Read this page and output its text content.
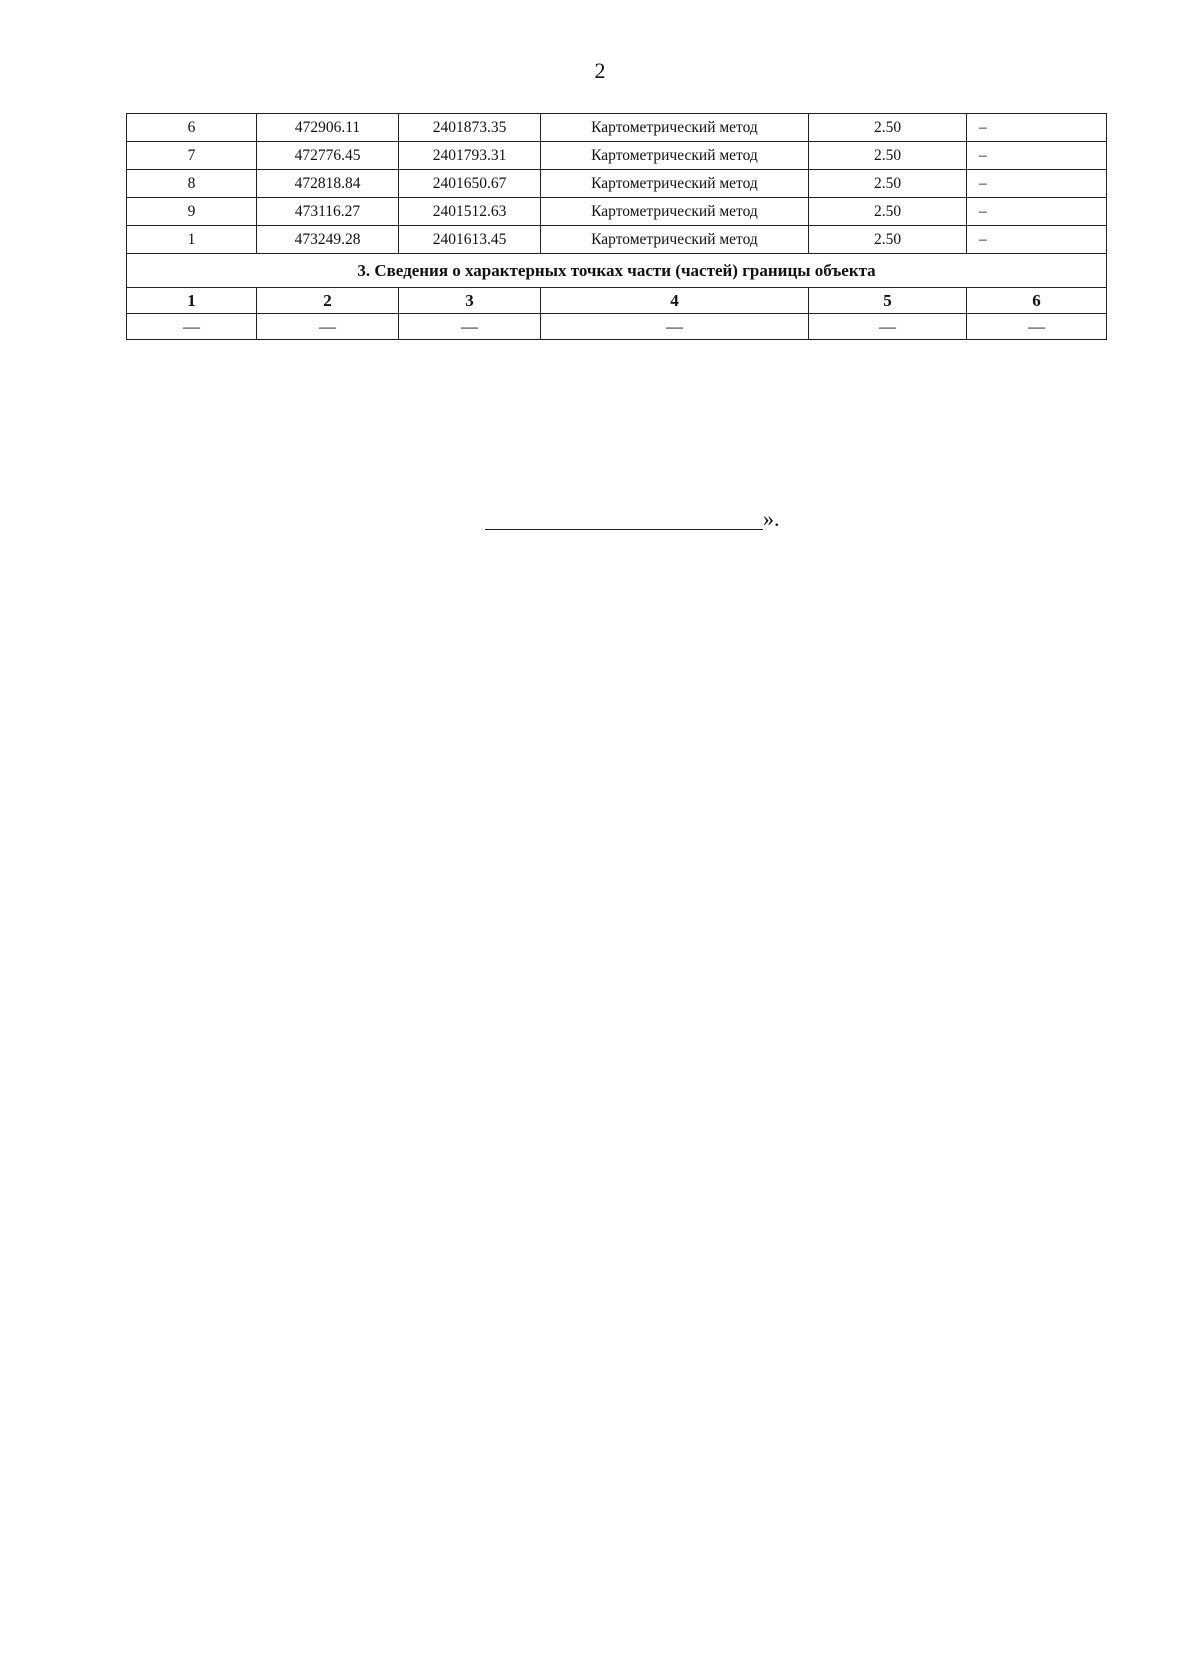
2
6	472906.11	2401873.35	Картометрический метод	2.50	–
7	472776.45	2401793.31	Картометрический метод	2.50	–
8	472818.84	2401650.67	Картометрический метод	2.50	–
9	473116.27	2401512.63	Картометрический метод	2.50	–
1	473249.28	2401613.45	Картометрический метод	2.50	–
3. Сведения о характерных точках части (частей) границы объекта					
1	2	3	4	5	6
—	—	—	—	—	—
».
